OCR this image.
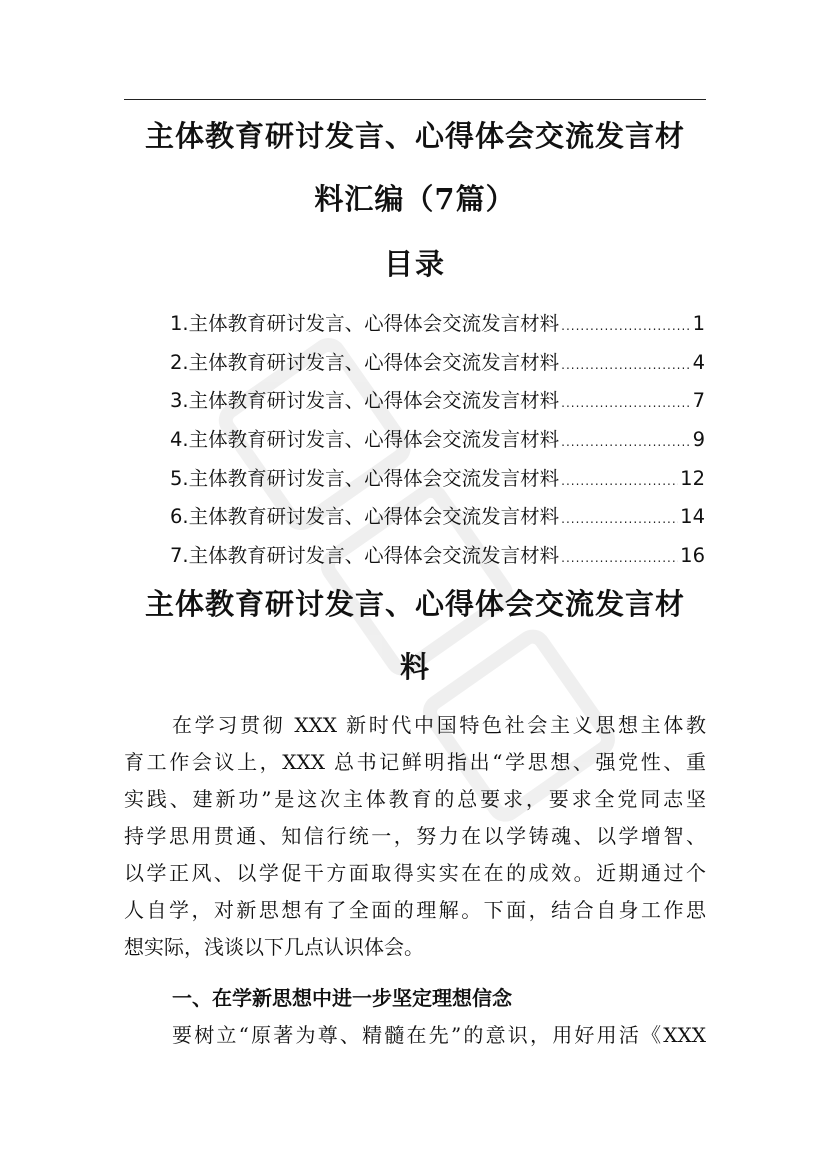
主体教育研讨发言、心得体会交流发言材
料汇编（7篇）
目录
1. 主体教育研讨发言、心得体会交流发言材料 .....	1
2. 主体教育研讨发言、心得体会交流发言材料 .....	4
3. 主体教育研讨发言、心得体会交流发言材料 .....	7
4. 主体教育研讨发言、心得体会交流发言材料 .....	9
5. 主体教育研讨发言、心得体会交流发言材料 .....	12
6. 主体教育研讨发言、心得体会交流发言材料 .....	14
7. 主体教育研讨发言、心得体会交流发言材料 .....	16
主体教育研讨发言、心得体会交流发言材
料
在学习贯彻 XXX 新时代中国特色社会主义思想主体教
育工作会议上，XXX 总书记鲜明指出“学思想、强党性、重
实践、建新功”是这次主体教育的总要求，要求全党同志坚
持学思用贯通、知信行统一，努力在以学铸魂、以学增智、
以学正风、以学促干方面取得实实在在的成效。近期通过个
人自学，对新思想有了全面的理解。下面，结合自身工作思
想实际，浅谈以下几点认识体会。
一、在学新思想中进一步坚定理想信念
要树立“原著为尊、精髓在先”的意识，用好用活《XXX
